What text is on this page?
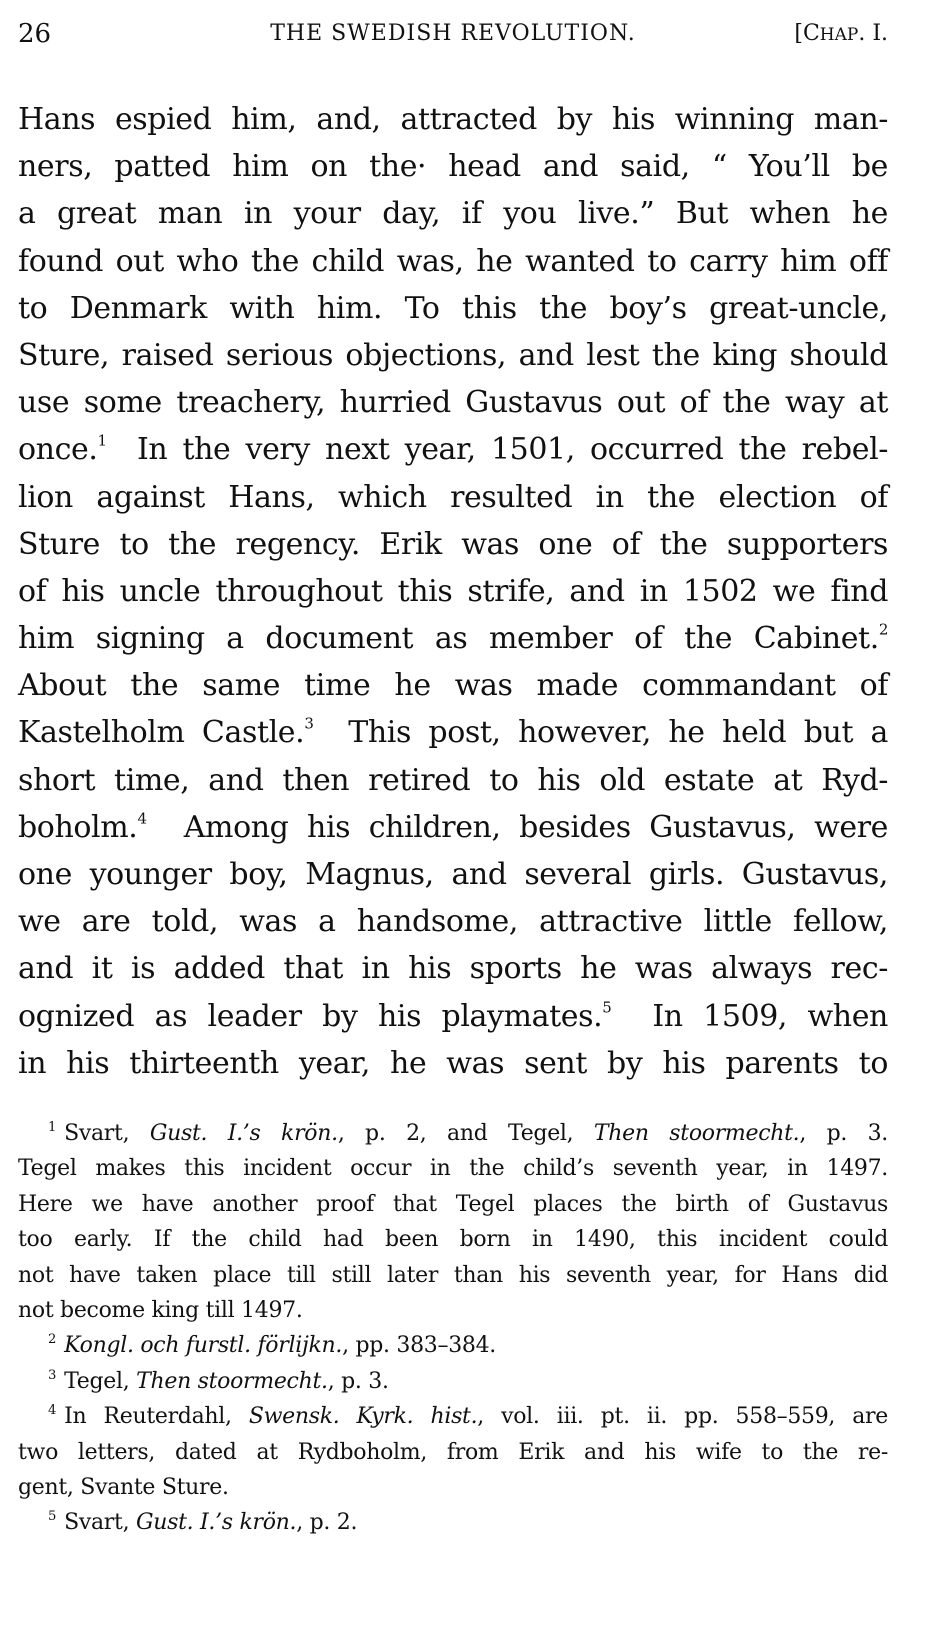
26	THE SWEDISH REVOLUTION.	[CHAP. I.
Hans espied him, and, attracted by his winning man-
ners, patted him on the· head and said, “ You’ll be
a great man in your day, if you live.” But when he
found out who the child was, he wanted to carry him off
to Denmark with him. To this the boy’s great-uncle,
Sture, raised serious objections, and lest the king should
use some treachery, hurried Gustavus out of the way at
once.$^1$ In the very next year, 1501, occurred the rebel-
lion against Hans, which resulted in the election of
Sture to the regency. Erik was one of the supporters
of his uncle throughout this strife, and in 1502 we find
him signing a document as member of the Cabinet.$^2$
About the same time he was made commandant of
Kastelholm Castle.$^3$ This post, however, he held but a
short time, and then retired to his old estate at Ryd-
boholm.$^4$ Among his children, besides Gustavus, were
one younger boy, Magnus, and several girls. Gustavus,
we are told, was a handsome, attractive little fellow,
and it is added that in his sports he was always rec-
ognized as leader by his playmates.$^5$ In 1509, when
in his thirteenth year, he was sent by his parents to
$^1$ Svart, Gust. I.’s krön., p. 2, and Tegel, Then stoormecht., p. 3.
Tegel makes this incident occur in the child’s seventh year, in 1497.
Here we have another proof that Tegel places the birth of Gustavus
too early. If the child had been born in 1490, this incident could
not have taken place till still later than his seventh year, for Hans did
not become king till 1497.
$^2$ Kongl. och furstl. förlijkn., pp. 383–384.
$^3$ Tegel, Then stoormecht., p. 3.
$^4$ In Reuterdahl, Swensk. Kyrk. hist., vol. iii. pt. ii. pp. 558–559, are
two letters, dated at Rydboholm, from Erik and his wife to the re-
gent, Svante Sture.
$^5$ Svart, Gust. I.’s krön., p. 2.
